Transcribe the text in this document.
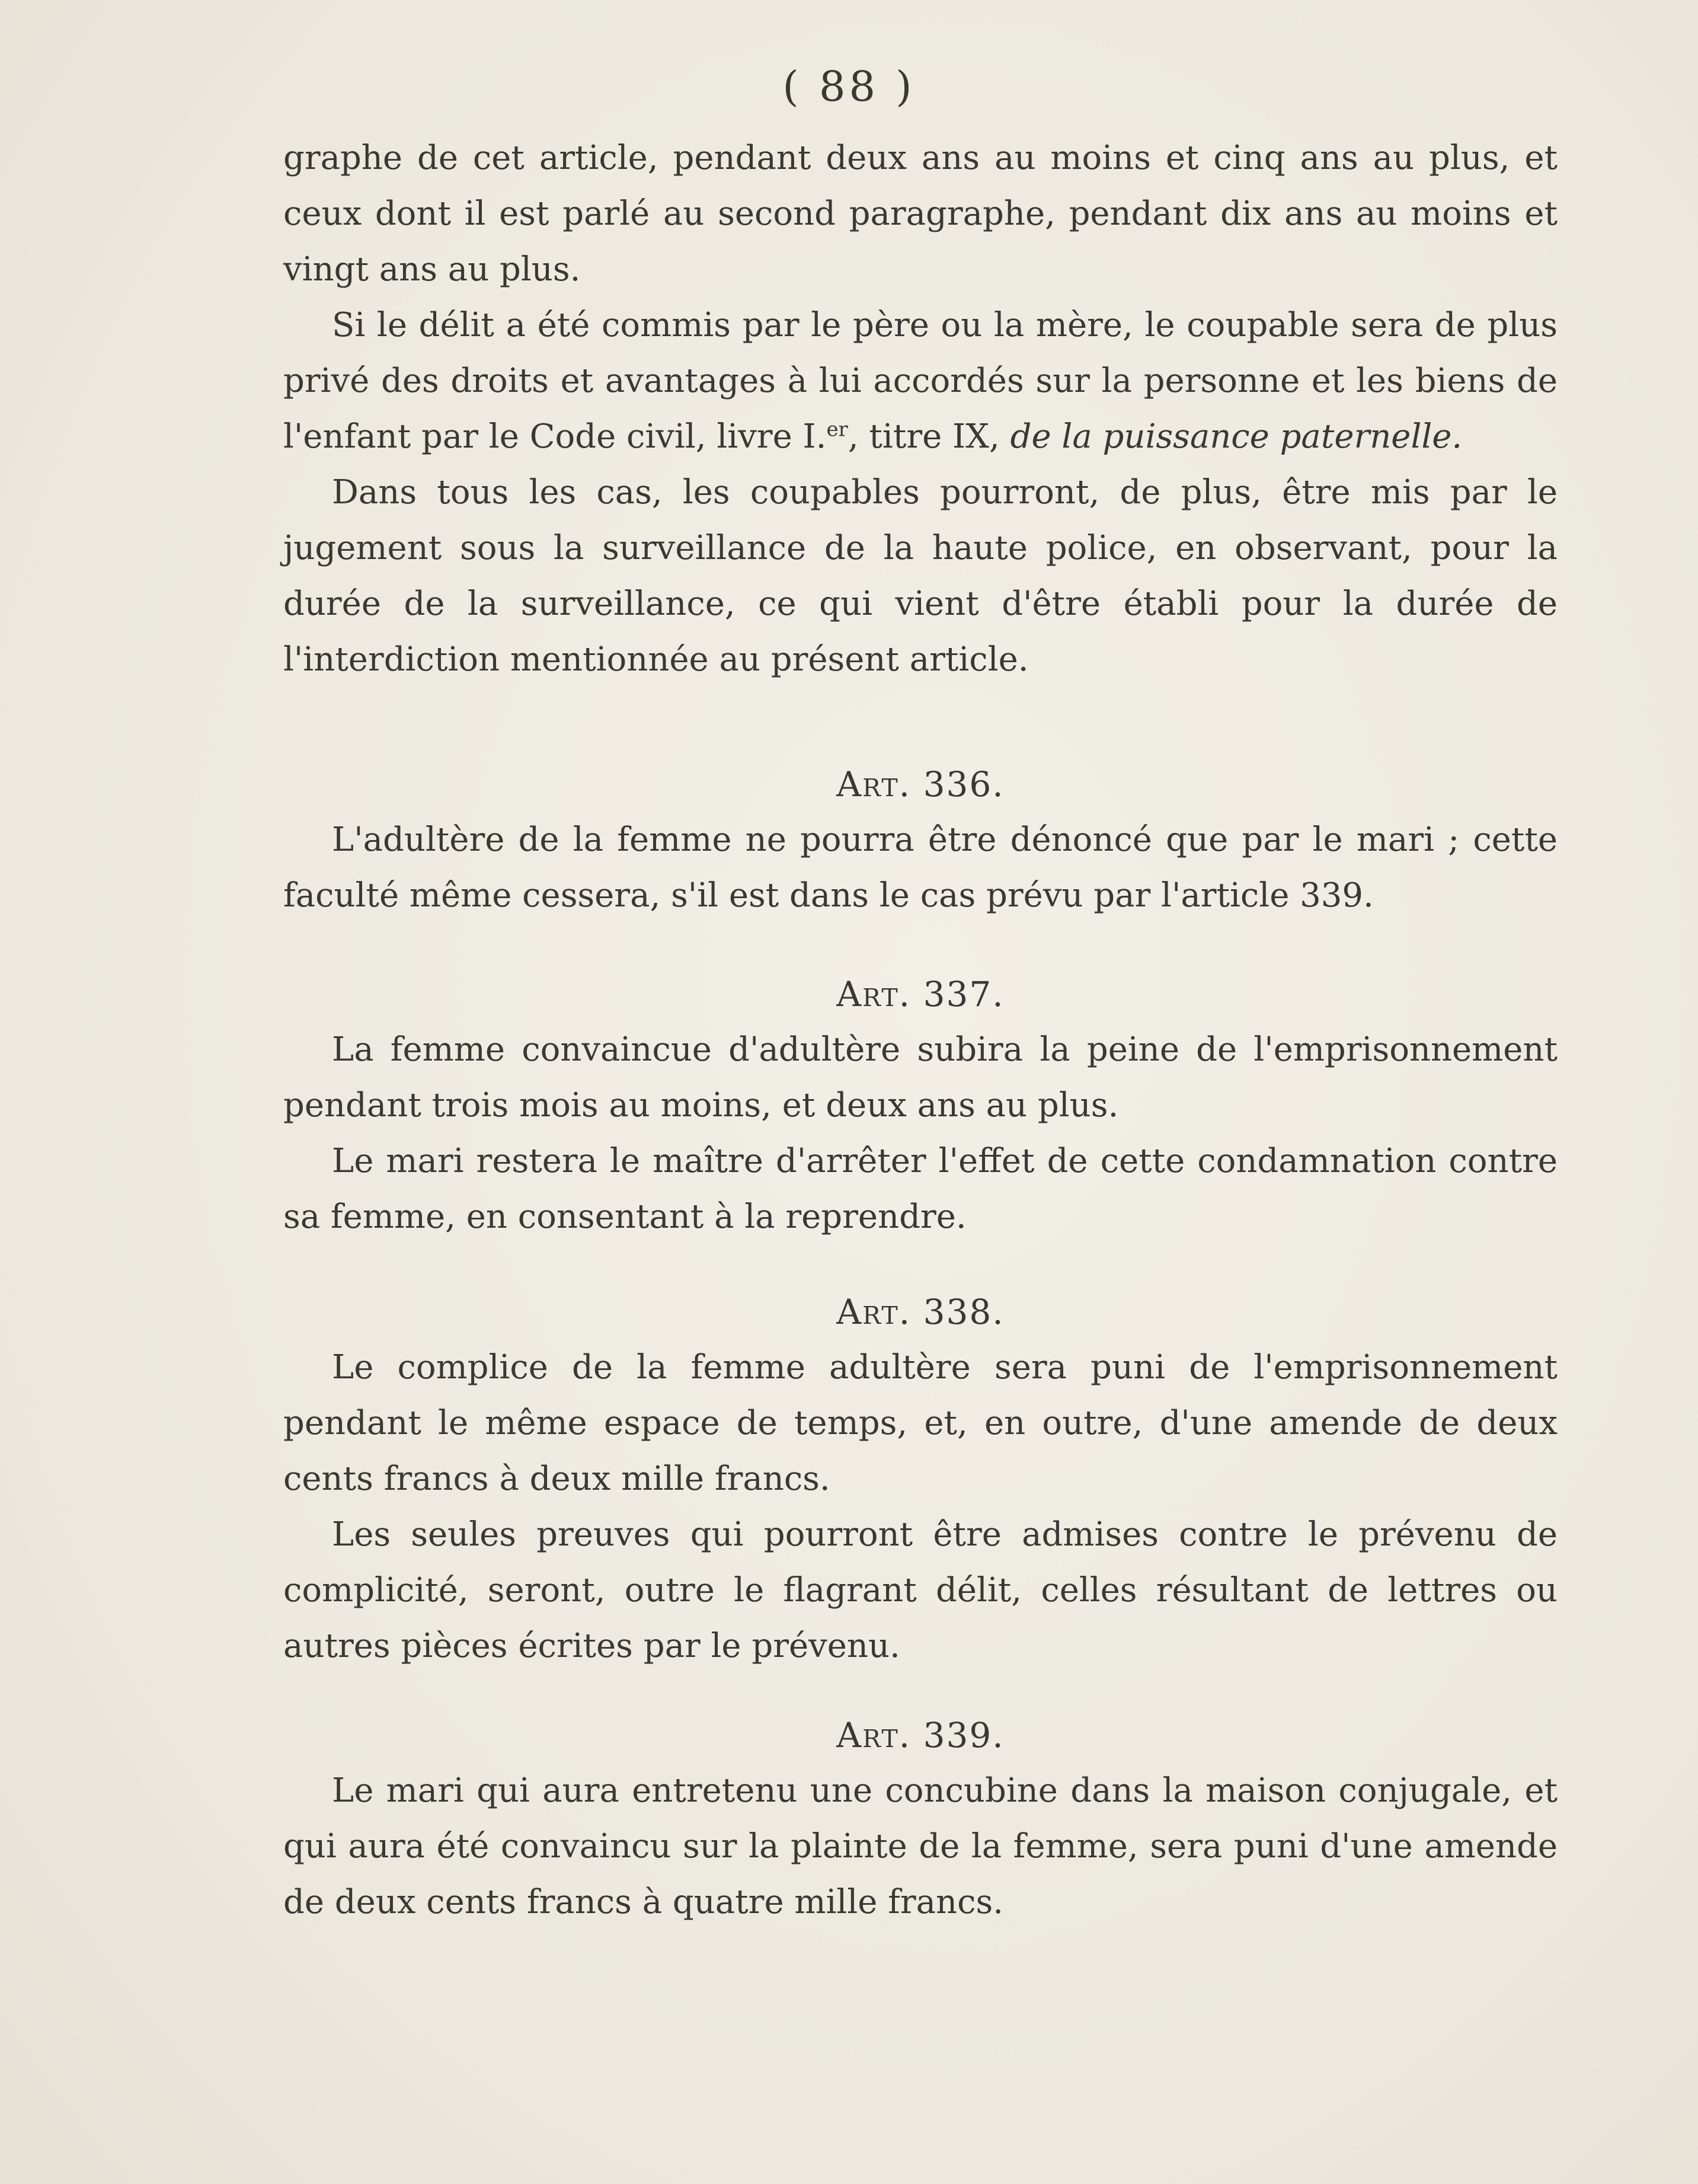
( 88 )

graphe de cet article, pendant deux ans au moins et cinq ans au plus, et ceux dont il est parlé au second paragraphe, pendant dix ans au moins et vingt ans au plus.

Si le délit a été commis par le père ou la mère, le coupable sera de plus privé des droits et avantages à lui accordés sur la personne et les biens de l'enfant par le Code civil, livre I.$^{er}$, titre IX, de la puissance paternelle.

Dans tous les cas, les coupables pourront, de plus, être mis par le jugement sous la surveillance de la haute police, en observant, pour la durée de la surveillance, ce qui vient d'être établi pour la durée de l'interdiction mentionnée au présent article.

Art. 336.

L'adultère de la femme ne pourra être dénoncé que par le mari ; cette faculté même cessera, s'il est dans le cas prévu par l'article 339.

Art. 337.

La femme convaincue d'adultère subira la peine de l'emprisonnement pendant trois mois au moins, et deux ans au plus.

Le mari restera le maître d'arrêter l'effet de cette condamnation contre sa femme, en consentant à la reprendre.

Art. 338.

Le complice de la femme adultère sera puni de l'emprisonnement pendant le même espace de temps, et, en outre, d'une amende de deux cents francs à deux mille francs.

Les seules preuves qui pourront être admises contre le prévenu de complicité, seront, outre le flagrant délit, celles résultant de lettres ou autres pièces écrites par le prévenu.

Art. 339.

Le mari qui aura entretenu une concubine dans la maison conjugale, et qui aura été convaincu sur la plainte de la femme, sera puni d'une amende de deux cents francs à quatre mille francs.
